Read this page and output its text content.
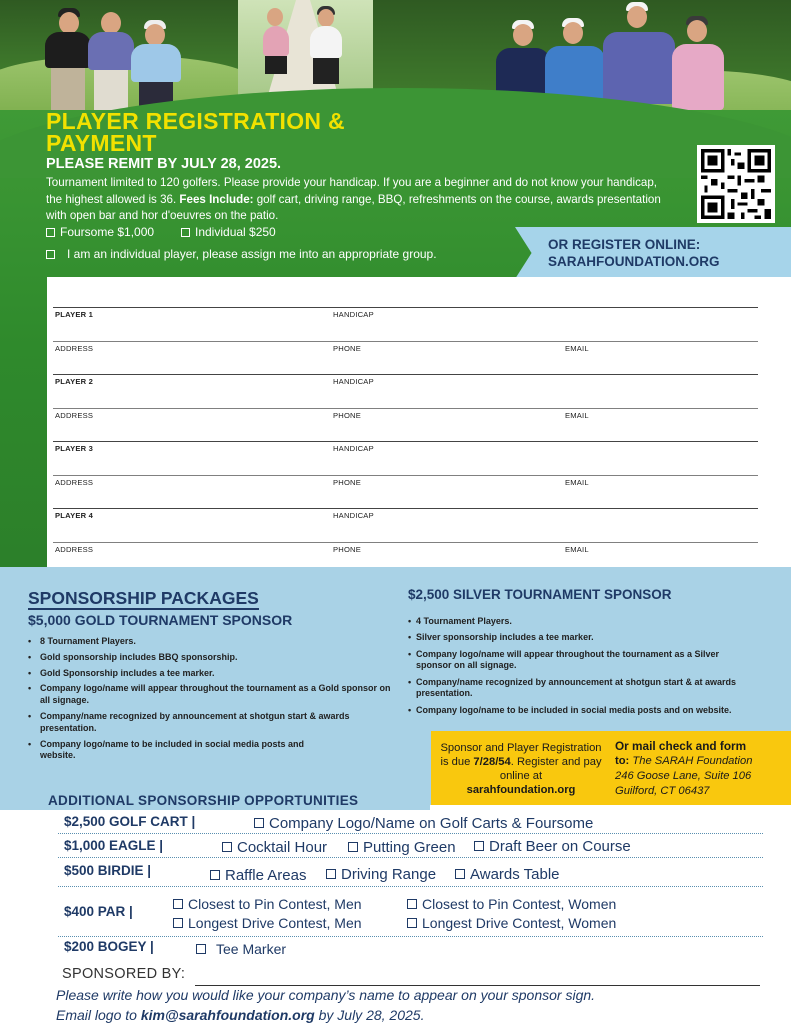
PLAYER REGISTRATION &
PAYMENT
PLEASE REMIT BY JULY 28, 2025.
Tournament limited to 120 golfers. Please provide your handicap. If you are a beginner and do not know your handicap, the highest allowed is 36. Fees Include: golf cart, driving range, BBQ, refreshments on the course, awards presentation with open bar and hor d'oeuvres on the patio.
Foursome $1,000	Individual $250
I am an individual player, please assign me into an appropriate group.
OR REGISTER ONLINE:
SARAHFOUNDATION.ORG
PLAYER 1	HANDICAP
ADDRESS	PHONE	EMAIL
PLAYER 2	HANDICAP
ADDRESS	PHONE	EMAIL
PLAYER 3	HANDICAP
ADDRESS	PHONE	EMAIL
PLAYER 4	HANDICAP
ADDRESS	PHONE	EMAIL
SPONSORSHIP PACKAGES
$5,000 GOLD TOURNAMENT SPONSOR
• 8 Tournament Players.
• Gold sponsorship includes BBQ sponsorship.
• Gold Sponsorship includes a tee marker.
• Company logo/name will appear throughout the tournament as a Gold sponsor on all signage.
• Company/name recognized by announcement at shotgun start & awards presentation.
• Company logo/name to be included in social media posts and website.
$2,500 SILVER TOURNAMENT SPONSOR
• 4 Tournament Players.
• Silver sponsorship includes a tee marker.
• Company logo/name will appear throughout the tournament as a Silver sponsor on all signage.
• Company/name recognized by announcement at shotgun start & at awards presentation.
• Company logo/name to be included in social media posts and on website.
Sponsor and Player Registration is due 7/28/54. Register and pay online at
sarahfoundation.org
Or mail check and form
to: The SARAH Foundation
246 Goose Lane, Suite 106
Guilford, CT 06437
ADDITIONAL SPONSORSHIP OPPORTUNITIES
$2,500 GOLF CART |	Company Logo/Name on Golf Carts & Foursome
$1,000 EAGLE |	Cocktail Hour	Putting Green	Draft Beer on Course
$500 BIRDIE |	Raffle Areas	Driving Range	Awards Table
$400 PAR |	Closest to Pin Contest, Men	Closest to Pin Contest, Women
Longest Drive Contest, Men	Longest Drive Contest, Women
$200 BOGEY |	Tee Marker
SPONSORED BY:
Please write how you would like your company’s name to appear on your sponsor sign.
Email logo to kim@sarahfoundation.org by July 28, 2025.
